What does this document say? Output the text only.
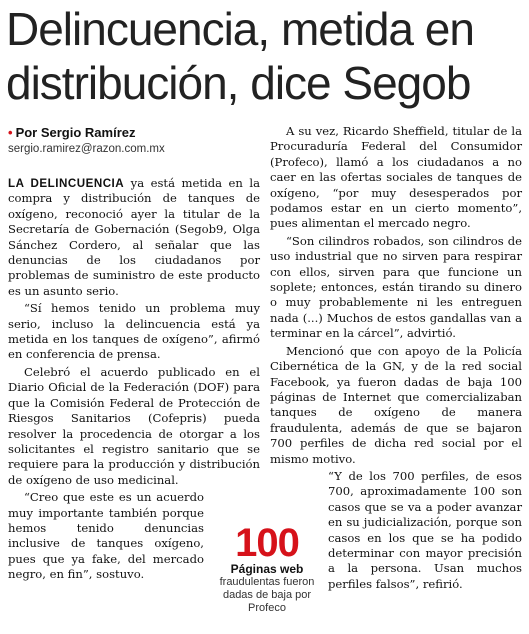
Delincuencia, metida en distribución, dice Segob
• Por Sergio Ramírez
sergio.ramirez@razon.com.mx

LA DELINCUENCIA ya está metida en la compra y distribución de tanques de oxígeno, reconoció ayer la titular de la Secretaría de Gobernación (Segob9, Olga Sánchez Cordero, al señalar que las denuncias de los ciudadanos por problemas de suministro de este producto es un asunto serio.

“Sí hemos tenido un problema muy serio, incluso la delincuencia está ya metida en los tanques de oxígeno”, afirmó en conferencia de prensa.

Celebró el acuerdo publicado en el Diario Oficial de la Federación (DOF) para que la Comisión Federal de Protección de Riesgos Sanitarios (Cofepris) pueda resolver la procedencia de otorgar a los solicitantes el registro sanitario que se requiere para la producción y distribución de oxígeno de uso medicinal.

“Creo que este es un acuerdo muy importante también porque hemos tenido denuncias inclusive de tanques oxígeno, pues que ya fake, del mercado negro, en fin”, sostuvo.

A su vez, Ricardo Sheffield, titular de la Procuraduría Federal del Consumidor (Profeco), llamó a los ciudadanos a no caer en las ofertas sociales de tanques de oxígeno, “por muy desesperados por podamos estar en un cierto momento”, pues alimentan el mercado negro.

“Son cilindros robados, son cilindros de uso industrial que no sirven para respirar con ellos, sirven para que funcione un soplete; entonces, están tirando su dinero o muy probablemente ni les entreguen nada (...) Muchos de estos gandallas van a terminar en la cárcel”, advirtió.

Mencionó que con apoyo de la Policía Cibernética de la GN, y de la red social Facebook, ya fueron dadas de baja 100 páginas de Internet que comercializaban tanques de oxígeno de manera fraudulenta, además de que se bajaron 700 perfiles de dicha red social por el mismo motivo.

“Y de los 700 perfiles, de esos 700, aproximadamente 100 son casos que se va a poder avanzar en su judicialización, porque son casos en los que se ha podido determinar con mayor precisión a la persona. Usan muchos perfiles falsos”, refirió.

100
Páginas web
fraudulentas fueron dadas de baja por Profeco
